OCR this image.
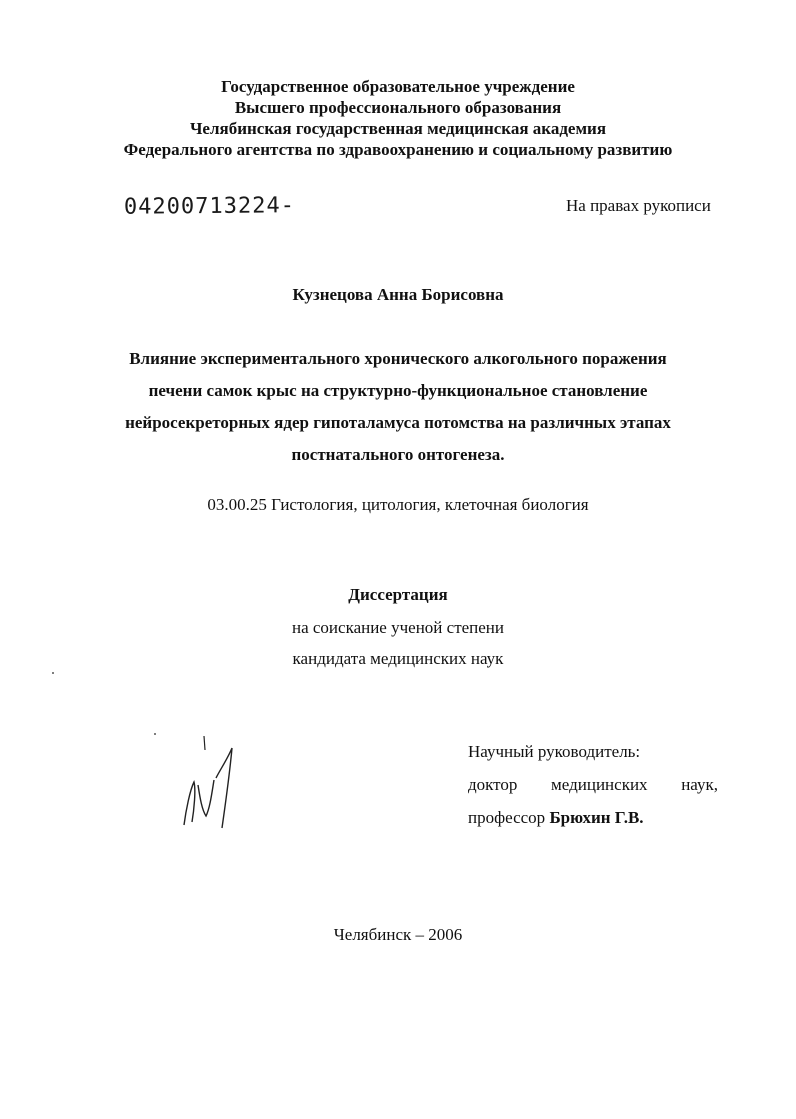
Государственное образовательное учреждение

Высшего профессионального образования

Челябинская государственная медицинская академия

Федерального агентства по здравоохранению и социальному развитию

04200713224-	На правах рукописи
Кузнецова Анна Борисовна

Влияние экспериментального хронического алкогольного поражения

печени самок крыс на структурно-функциональное становление

нейросекреторных ядер гипоталамуса потомства на различных этапах

постнатального онтогенеза.

03.00.25 Гистология, цитология, клеточная биология
Диссертация

на соискание ученой степени

кандидата медицинских наук

Научный руководитель:

доктор медицинских наук,

профессор Брюхин Г.В.

Челябинск – 2006
